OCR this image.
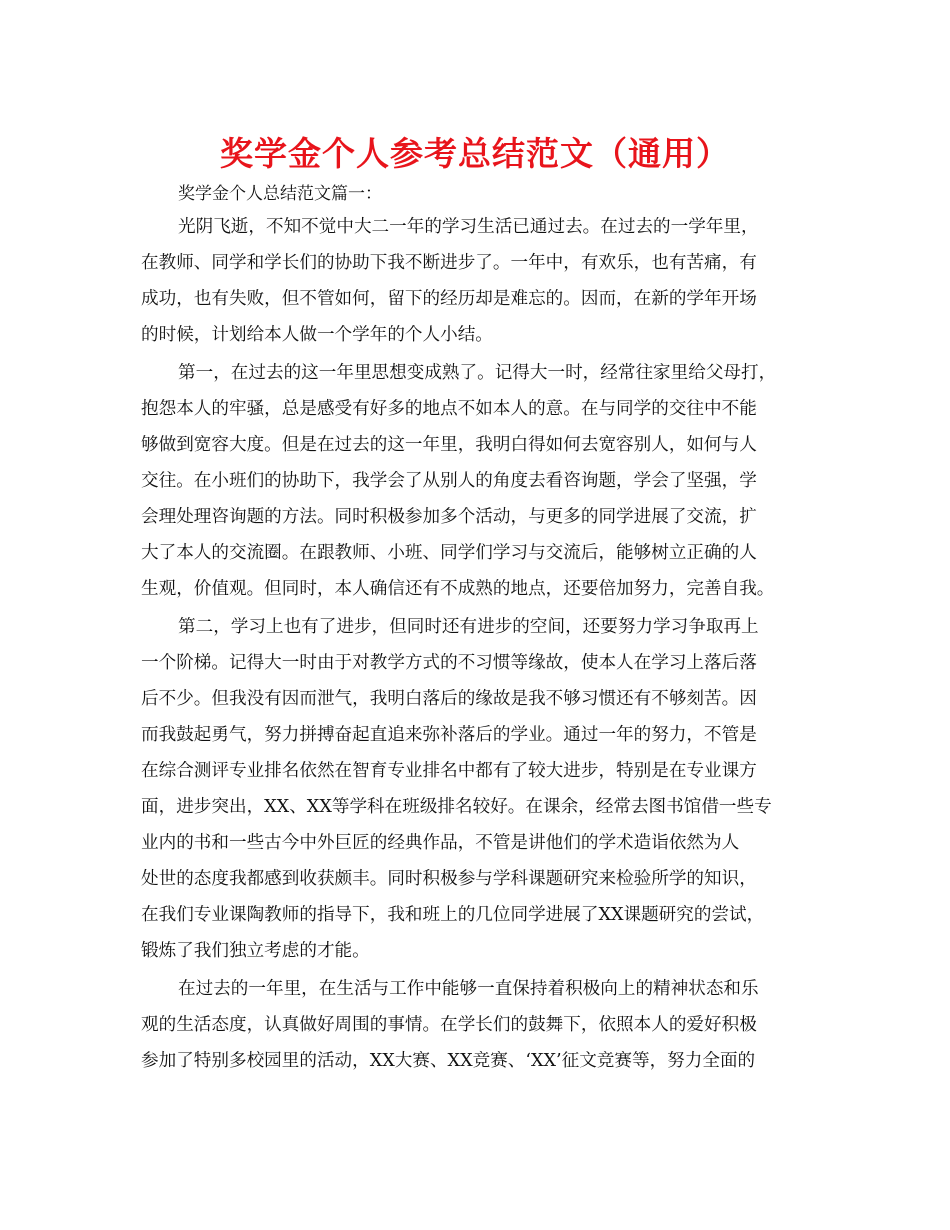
奖学金个人参考总结范文（通用）
奖学金个人总结范文篇一：
光阴飞逝，不知不觉中大二一年的学习生活已通过去。在过去的一学年里，
在教师、同学和学长们的协助下我不断进步了。一年中，有欢乐，也有苦痛，有
成功，也有失败，但不管如何，留下的经历却是难忘的。因而，在新的学年开场
的时候，计划给本人做一个学年的个人小结。
第一，在过去的这一年里思想变成熟了。记得大一时，经常往家里给父母打，
抱怨本人的牢骚，总是感受有好多的地点不如本人的意。在与同学的交往中不能
够做到宽容大度。但是在过去的这一年里，我明白得如何去宽容别人，如何与人
交往。在小班们的协助下，我学会了从别人的角度去看咨询题，学会了坚强，学
会理处理咨询题的方法。同时积极参加多个活动，与更多的同学进展了交流，扩
大了本人的交流圈。在跟教师、小班、同学们学习与交流后，能够树立正确的人
生观，价值观。但同时，本人确信还有不成熟的地点，还要倍加努力，完善自我。
第二，学习上也有了进步，但同时还有进步的空间，还要努力学习争取再上
一个阶梯。记得大一时由于对教学方式的不习惯等缘故，使本人在学习上落后落
后不少。但我没有因而泄气，我明白落后的缘故是我不够习惯还有不够刻苦。因
而我鼓起勇气，努力拼搏奋起直追来弥补落后的学业。通过一年的努力，不管是
在综合测评专业排名依然在智育专业排名中都有了较大进步，特别是在专业课方
面，进步突出，XX、XX等学科在班级排名较好。在课余，经常去图书馆借一些专
业内的书和一些古今中外巨匠的经典作品，不管是讲他们的学术造诣依然为人
处世的态度我都感到收获颇丰。同时积极参与学科课题研究来检验所学的知识，
在我们专业课陶教师的指导下，我和班上的几位同学进展了XX课题研究的尝试，
锻炼了我们独立考虑的才能。
在过去的一年里，在生活与工作中能够一直保持着积极向上的精神状态和乐
观的生活态度，认真做好周围的事情。在学长们的鼓舞下，依照本人的爱好积极
参加了特别多校园里的活动，XX大赛、XX竞赛、‘XX’征文竞赛等，努力全面的
